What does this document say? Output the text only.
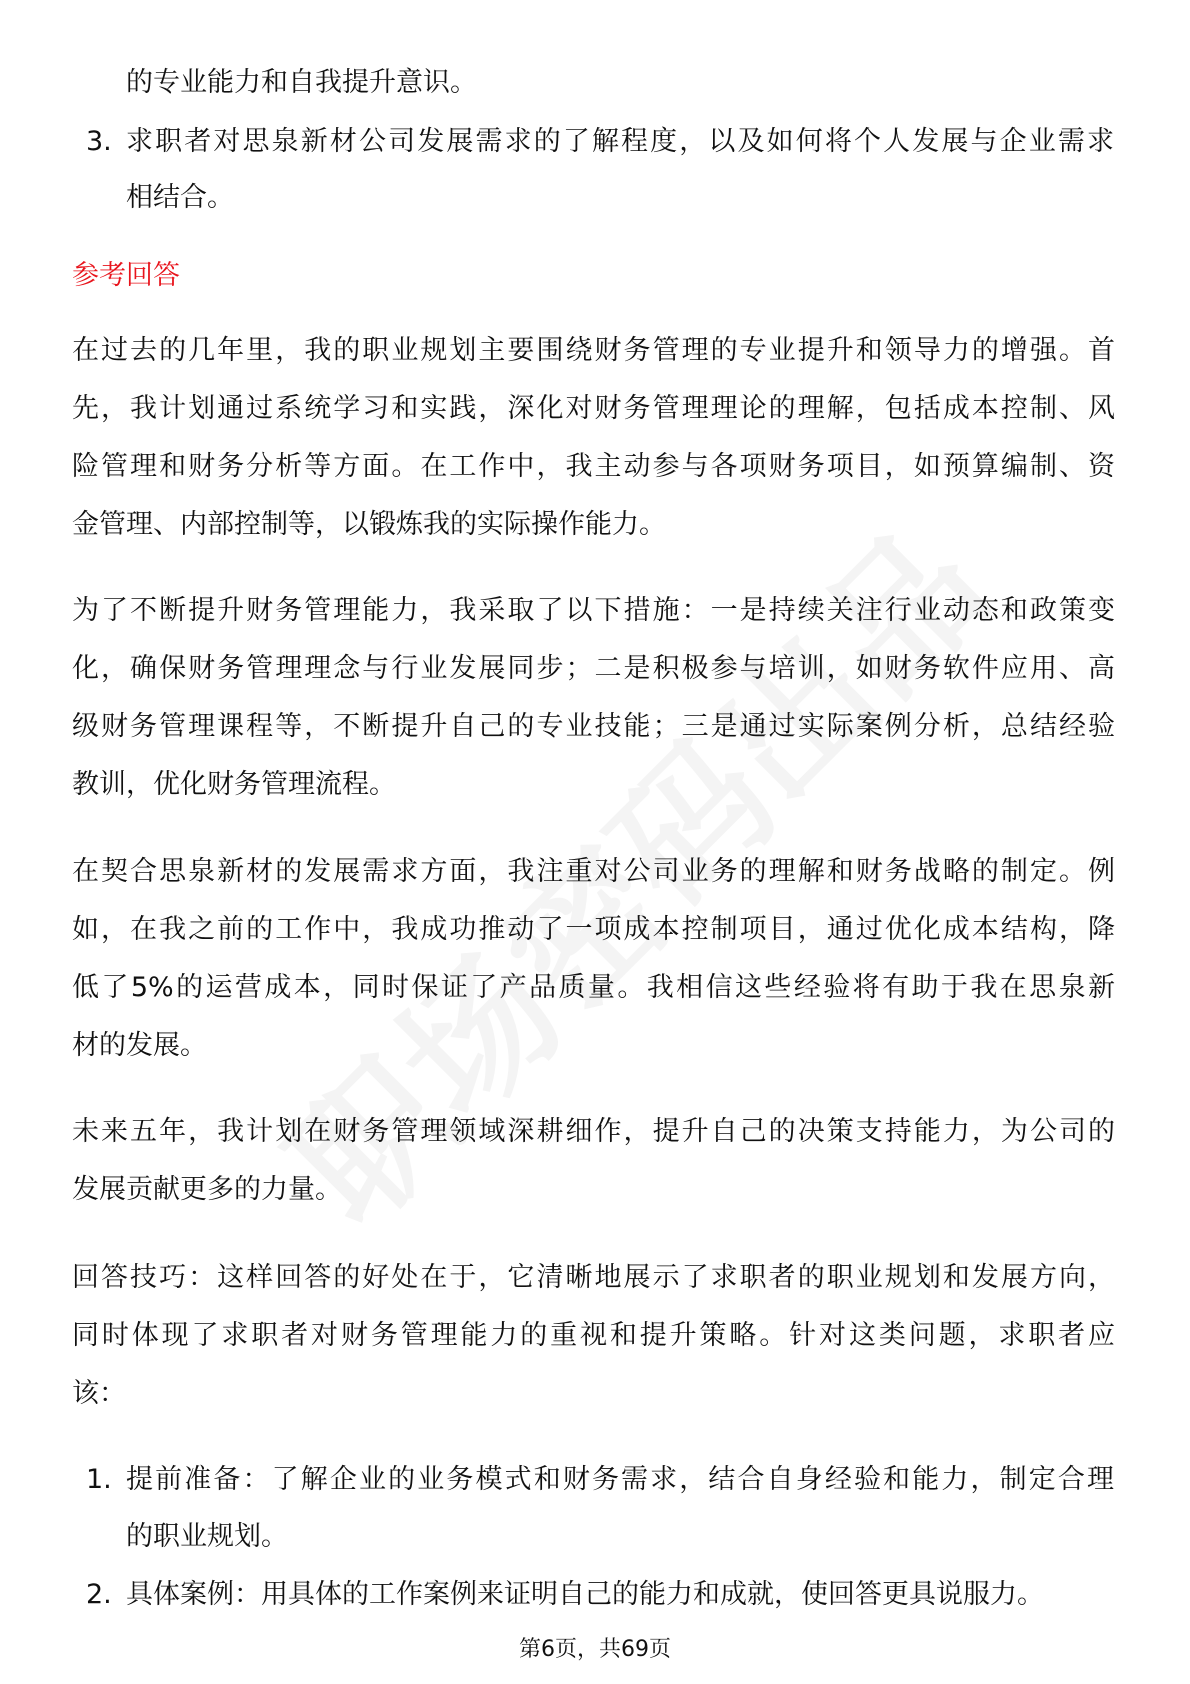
的专业能力和自我提升意识。
3. 求职者对思泉新材公司发展需求的了解程度，以及如何将个人发展与企业需求
相结合。
参考回答
在过去的几年里，我的职业规划主要围绕财务管理的专业提升和领导力的增强。首
先，我计划通过系统学习和实践，深化对财务管理理论的理解，包括成本控制、风
险管理和财务分析等方面。在工作中，我主动参与各项财务项目，如预算编制、资
金管理、内部控制等，以锻炼我的实际操作能力。
为了不断提升财务管理能力，我采取了以下措施：一是持续关注行业动态和政策变
化，确保财务管理理念与行业发展同步；二是积极参与培训，如财务软件应用、高
级财务管理课程等，不断提升自己的专业技能；三是通过实际案例分析，总结经验
教训，优化财务管理流程。
在契合思泉新材的发展需求方面，我注重对公司业务的理解和财务战略的制定。例
如，在我之前的工作中，我成功推动了一项成本控制项目，通过优化成本结构，降
低了5%的运营成本，同时保证了产品质量。我相信这些经验将有助于我在思泉新
材的发展。
未来五年，我计划在财务管理领域深耕细作，提升自己的决策支持能力，为公司的
发展贡献更多的力量。
回答技巧：这样回答的好处在于，它清晰地展示了求职者的职业规划和发展方向，
同时体现了求职者对财务管理能力的重视和提升策略。针对这类问题，求职者应
该：
1. 提前准备：了解企业的业务模式和财务需求，结合自身经验和能力，制定合理
的职业规划。
2. 具体案例：用具体的工作案例来证明自己的能力和成就，使回答更具说服力。
第6页，共69页
